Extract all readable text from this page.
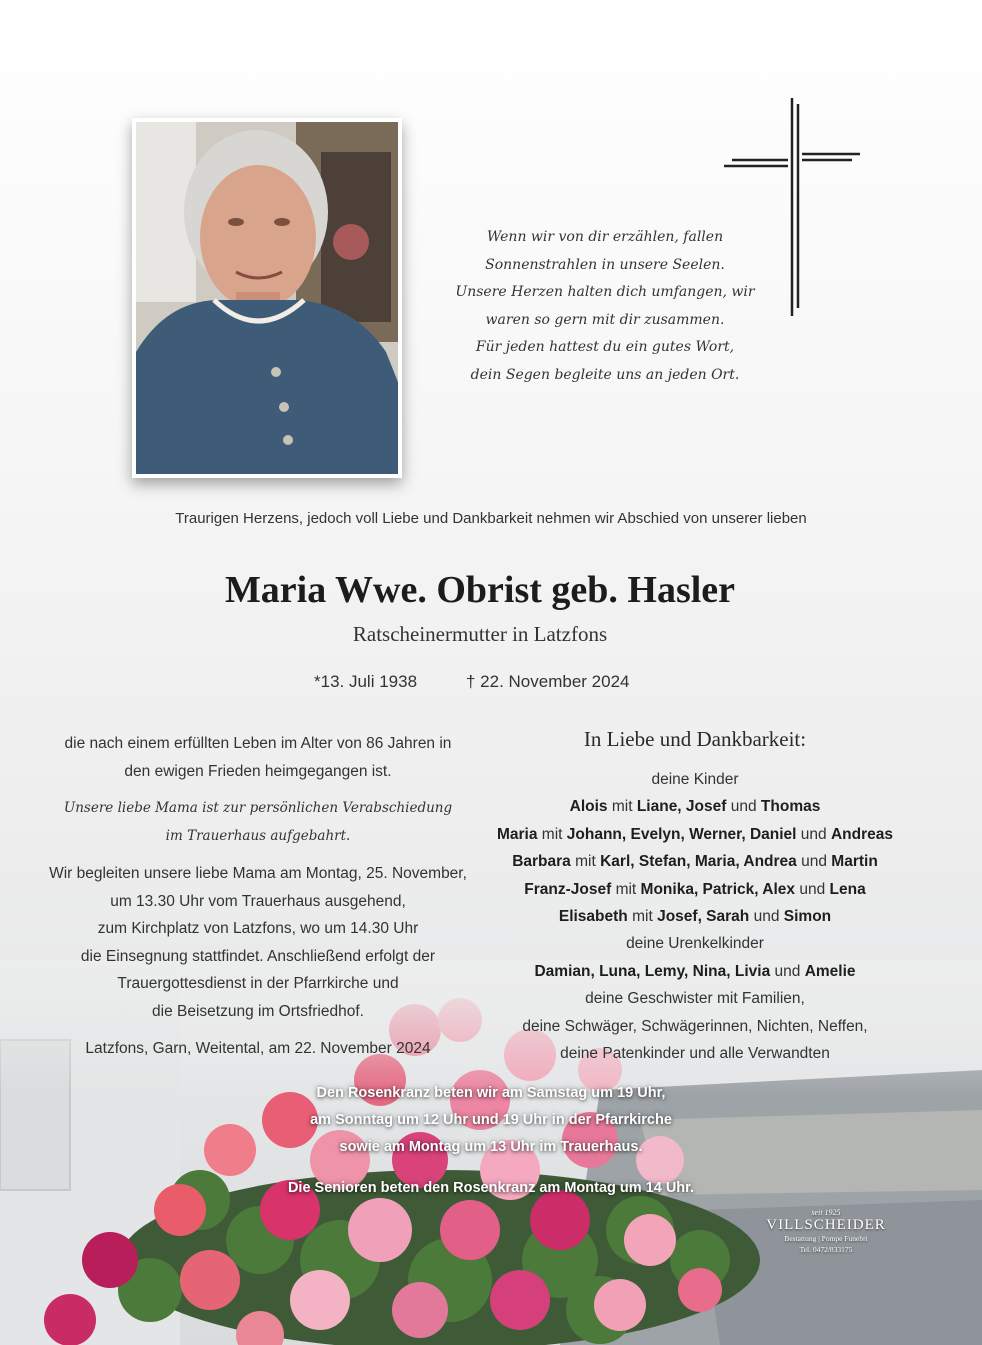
Wenn wir von dir erzählen, fallen
Sonnenstrahlen in unsere Seelen.
Unsere Herzen halten dich umfangen, wir
waren so gern mit dir zusammen.
Für jeden hattest du ein gutes Wort,
dein Segen begleite uns an jeden Ort.
Traurigen Herzens, jedoch voll Liebe und Dankbarkeit nehmen wir Abschied von unserer lieben
Maria Wwe. Obrist geb. Hasler
Ratscheinermutter in Latzfons
*13. Juli 1938	† 22. November 2024

die nach einem erfüllten Leben im Alter von 86 Jahren in
den ewigen Frieden heimgegangen ist.

Unsere liebe Mama ist zur persönlichen Verabschiedung
im Trauerhaus aufgebahrt.

Wir begleiten unsere liebe Mama am Montag, 25. November,
um 13.30 Uhr vom Trauerhaus ausgehend,
zum Kirchplatz von Latzfons, wo um 14.30 Uhr
die Einsegnung stattfindet. Anschließend erfolgt der
Trauergottesdienst in der Pfarrkirche und
die Beisetzung im Ortsfriedhof.

Latzfons, Garn, Weitental, am 22. November 2024

In Liebe und Dankbarkeit:
deine Kinder
Alois mit Liane, Josef und Thomas
Maria mit Johann, Evelyn, Werner, Daniel und Andreas
Barbara mit Karl, Stefan, Maria, Andrea und Martin
Franz-Josef mit Monika, Patrick, Alex und Lena
Elisabeth mit Josef, Sarah und Simon
deine Urenkelkinder
Damian, Luna, Lemy, Nina, Livia und Amelie
deine Geschwister mit Familien,
deine Schwäger, Schwägerinnen, Nichten, Neffen,
deine Patenkinder und alle Verwandten

Den Rosenkranz beten wir am Samstag um 19 Uhr,

am Sonntag um 12 Uhr und 19 Uhr in der Pfarrkirche

sowie am Montag um 13 Uhr im Trauerhaus.

Die Senioren beten den Rosenkranz am Montag um 14 Uhr.

seit 1925
VILLSCHEIDER
Bestattung | Pompe Funebri
Tel. 0472/833175
